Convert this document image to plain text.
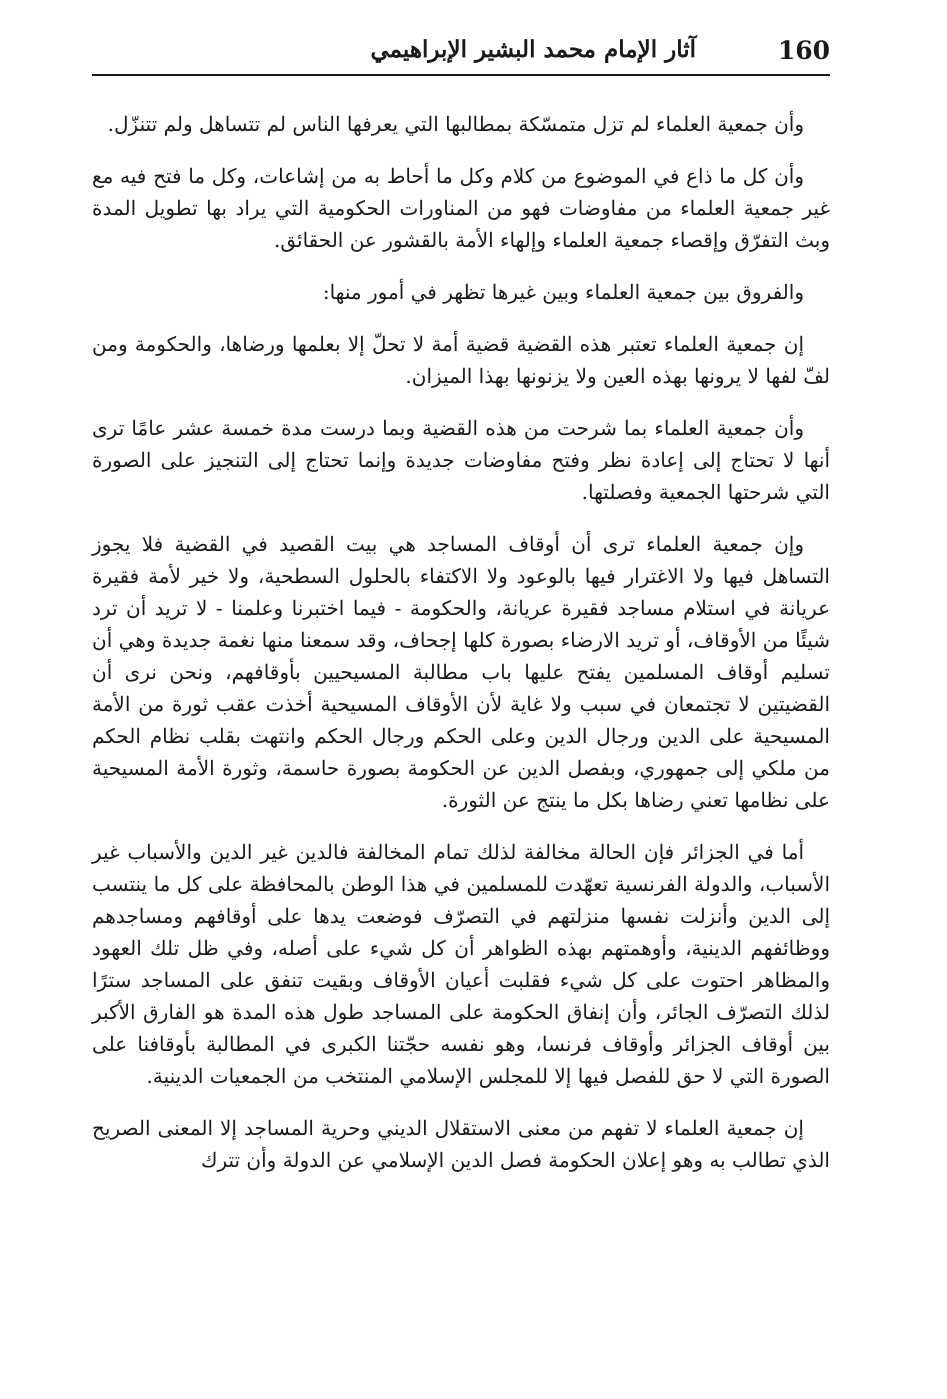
160
آثار الإمام محمد البشير الإبراهيمي

وأن جمعية العلماء لم تزل متمسّكة بمطالبها التي يعرفها الناس لم تتساهل ولم تتنزّل.

وأن كل ما ذاع في الموضوع من كلام وكل ما أحاط به من إشاعات، وكل ما فتح فيه مع غير جمعية العلماء من مفاوضات فهو من المناورات الحكومية التي يراد بها تطويل المدة وبث التفرّق وإقصاء جمعية العلماء وإلهاء الأمة بالقشور عن الحقائق.

والفروق بين جمعية العلماء وبين غيرها تظهر في أمور منها:

إن جمعية العلماء تعتبر هذه القضية قضية أمة لا تحلّ إلا بعلمها ورضاها، والحكومة ومن لفّ لفها لا يرونها بهذه العين ولا يزنونها بهذا الميزان.

وأن جمعية العلماء بما شرحت من هذه القضية وبما درست مدة خمسة عشر عامًا ترى أنها لا تحتاج إلى إعادة نظر وفتح مفاوضات جديدة وإنما تحتاج إلى التنجيز على الصورة التي شرحتها الجمعية وفصلتها.

وإن جمعية العلماء ترى أن أوقاف المساجد هي بيت القصيد في القضية فلا يجوز التساهل فيها ولا الاغترار فيها بالوعود ولا الاكتفاء بالحلول السطحية، ولا خير لأمة فقيرة عريانة في استلام مساجد فقيرة عريانة، والحكومة - فيما اختبرنا وعلمنا - لا تريد أن ترد شيئًا من الأوقاف، أو تريد الارضاء بصورة كلها إجحاف، وقد سمعنا منها نغمة جديدة وهي أن تسليم أوقاف المسلمين يفتح عليها باب مطالبة المسيحيين بأوقافهم، ونحن نرى أن القضيتين لا تجتمعان في سبب ولا غاية لأن الأوقاف المسيحية أخذت عقب ثورة من الأمة المسيحية على الدين ورجال الدين وعلى الحكم ورجال الحكم وانتهت بقلب نظام الحكم من ملكي إلى جمهوري، وبفصل الدين عن الحكومة بصورة حاسمة، وثورة الأمة المسيحية على نظامها تعني رضاها بكل ما ينتج عن الثورة.

أما في الجزائر فإن الحالة مخالفة لذلك تمام المخالفة فالدين غير الدين والأسباب غير الأسباب، والدولة الفرنسية تعهّدت للمسلمين في هذا الوطن بالمحافظة على كل ما ينتسب إلى الدين وأنزلت نفسها منزلتهم في التصرّف فوضعت يدها على أوقافهم ومساجدهم ووظائفهم الدينية، وأوهمتهم بهذه الظواهر أن كل شيء على أصله، وفي ظل تلك العهود والمظاهر احتوت على كل شيء فقلبت أعيان الأوقاف وبقيت تنفق على المساجد سترًا لذلك التصرّف الجائر، وأن إنفاق الحكومة على المساجد طول هذه المدة هو الفارق الأكبر بين أوقاف الجزائر وأوقاف فرنسا، وهو نفسه حجّتنا الكبرى في المطالبة بأوقافنا على الصورة التي لا حق للفصل فيها إلا للمجلس الإسلامي المنتخب من الجمعيات الدينية.

إن جمعية العلماء لا تفهم من معنى الاستقلال الديني وحرية المساجد إلا المعنى الصريح الذي تطالب به وهو إعلان الحكومة فصل الدين الإسلامي عن الدولة وأن تترك
